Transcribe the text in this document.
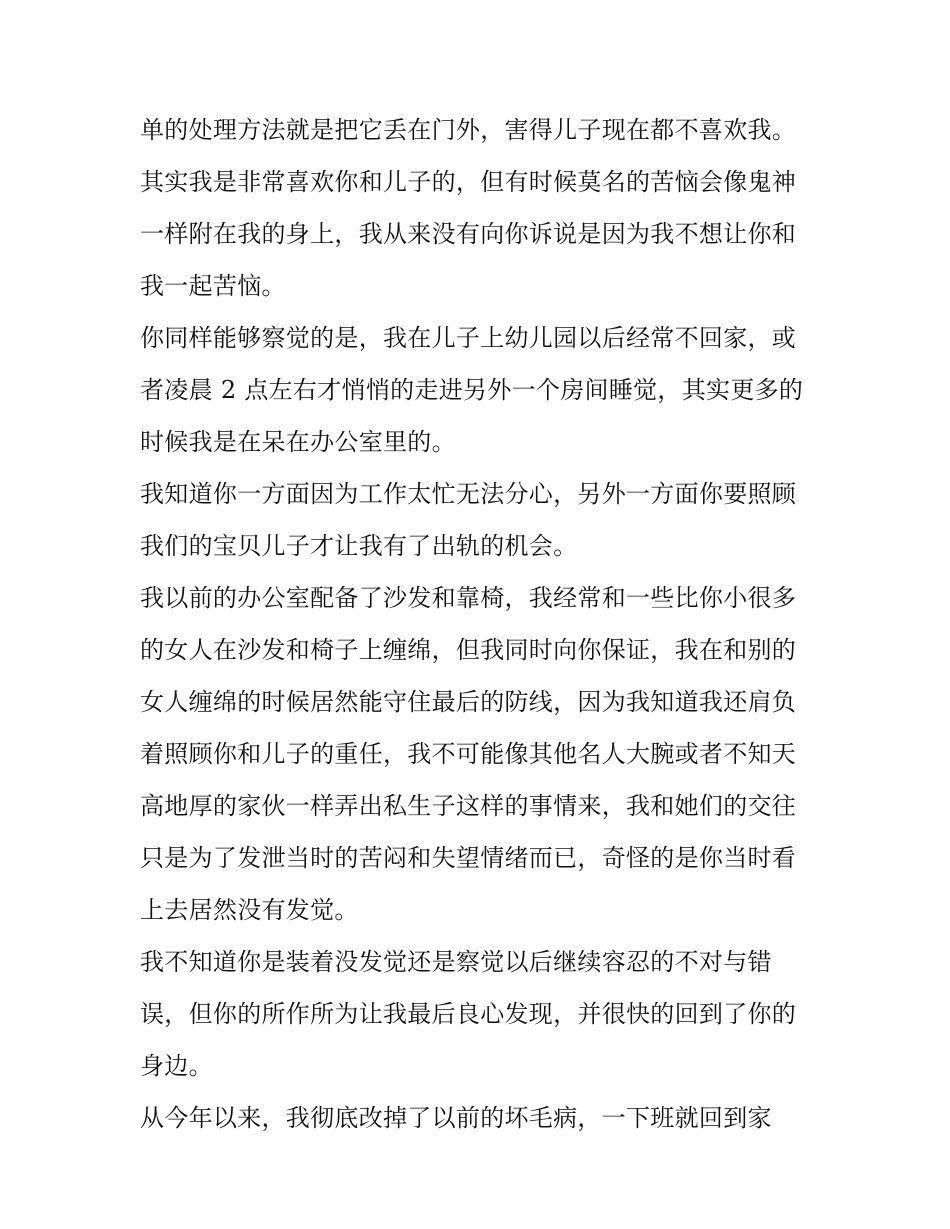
单的处理方法就是把它丢在门外，害得儿子现在都不喜欢我。

其实我是非常喜欢你和儿子的，但有时候莫名的苦恼会像鬼神一样附在我的身上，我从来没有向你诉说是因为我不想让你和我一起苦恼。

你同样能够察觉的是，我在儿子上幼儿园以后经常不回家，或者凌晨 2 点左右才悄悄的走进另外一个房间睡觉，其实更多的时候我是在呆在办公室里的。

我知道你一方面因为工作太忙无法分心，另外一方面你要照顾我们的宝贝儿子才让我有了出轨的机会。

我以前的办公室配备了沙发和靠椅，我经常和一些比你小很多的女人在沙发和椅子上缠绵，但我同时向你保证，我在和别的女人缠绵的时候居然能守住最后的防线，因为我知道我还肩负着照顾你和儿子的重任，我不可能像其他名人大腕或者不知天高地厚的家伙一样弄出私生子这样的事情来，我和她们的交往只是为了发泄当时的苦闷和失望情绪而已，奇怪的是你当时看上去居然没有发觉。

我不知道你是装着没发觉还是察觉以后继续容忍的不对与错误，但你的所作所为让我最后良心发现，并很快的回到了你的身边。

从今年以来，我彻底改掉了以前的坏毛病，一下班就回到家
